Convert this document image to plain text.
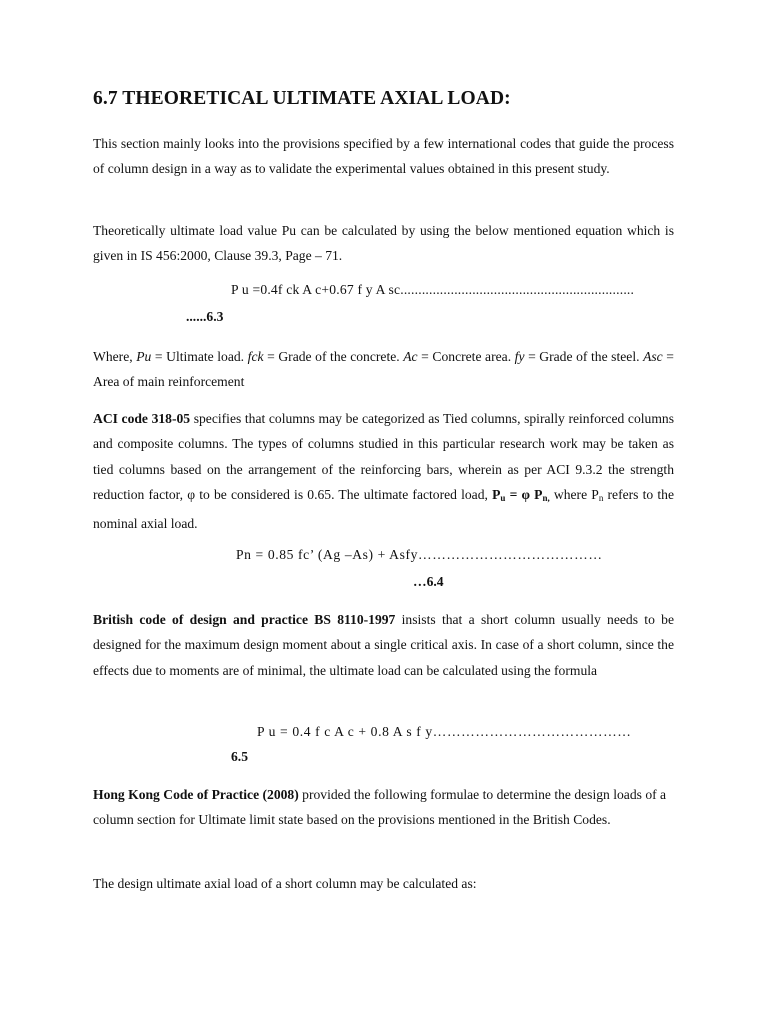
6.7 THEORETICAL ULTIMATE AXIAL LOAD:

This section mainly looks into the provisions specified by a few international codes that guide the process of column design in a way as to validate the experimental values obtained in this present study.

Theoretically ultimate load value Pu can be calculated by using the below mentioned equation which is given in IS 456:2000, Clause 39.3, Page – 71.

P u =0.4f ck A c+0.67 f y A sc.................................................................

......6.3

Where, Pu = Ultimate load. fck = Grade of the concrete. Ac = Concrete area. fy = Grade of the steel. Asc = Area of main reinforcement

ACI code 318-05 specifies that columns may be categorized as Tied columns, spirally reinforced columns and composite columns. The types of columns studied in this particular research work may be taken as tied columns based on the arrangement of the reinforcing bars, wherein as per ACI 9.3.2 the strength reduction factor, φ to be considered is 0.65. The ultimate factored load, $P_u = \varphi$ $P_{n,}$ where $P_n$ refers to the nominal axial load.

Pn = 0.85 fc’ (Ag –As) + Asfy…………………………………

…6.4

British code of design and practice BS 8110-1997 insists that a short column usually needs to be designed for the maximum design moment about a single critical axis. In case of a short column, since the effects due to moments are of minimal, the ultimate load can be calculated using the formula

P u = 0.4 f c A c + 0.8 A s f y……………………………………

6.5

Hong Kong Code of Practice (2008) provided the following formulae to determine the design loads of a column section for Ultimate limit state based on the provisions mentioned in the British Codes.

The design ultimate axial load of a short column may be calculated as:
